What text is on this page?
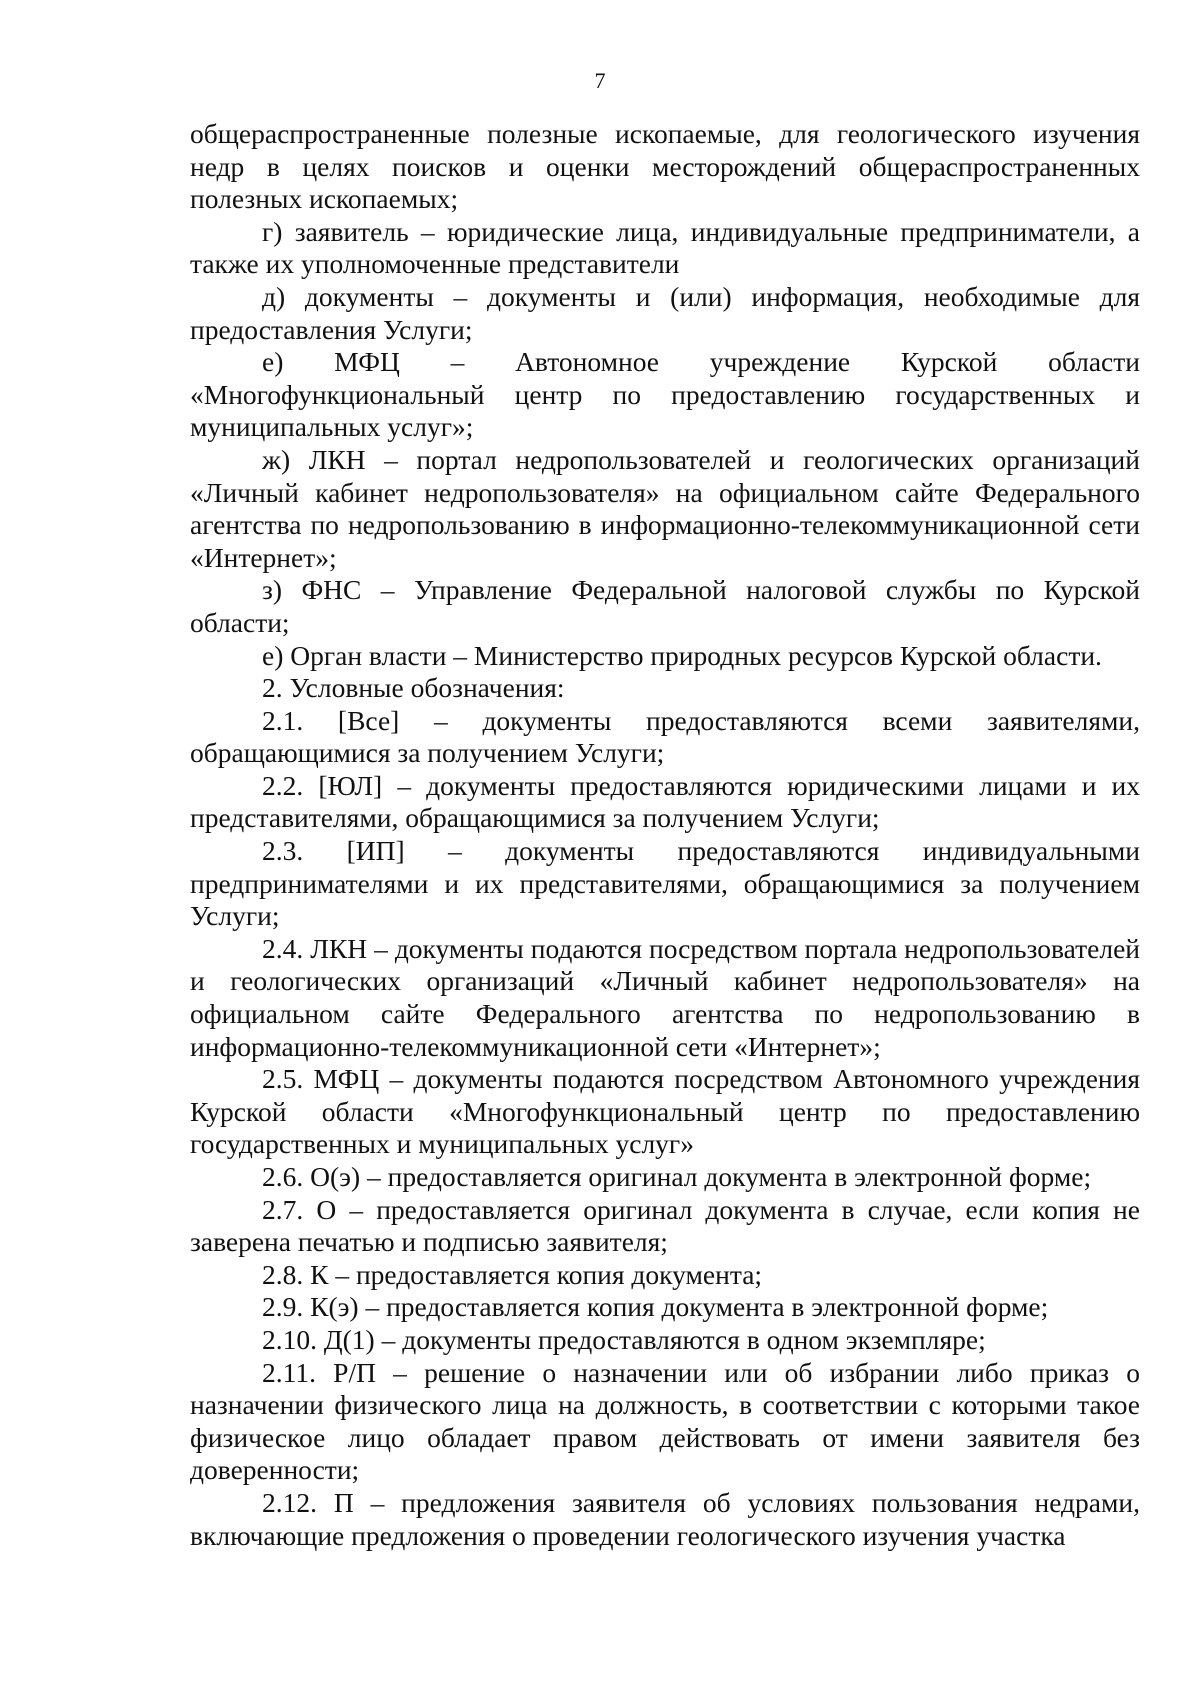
7

общераспространенные полезные ископаемые, для геологического изучения недр в целях поисков и оценки месторождений общераспространенных полезных ископаемых;

г) заявитель – юридические лица, индивидуальные предприниматели, а также их уполномоченные представители

д) документы – документы и (или) информация, необходимые для предоставления Услуги;

е) МФЦ – Автономное учреждение Курской области «Многофункциональный центр по предоставлению государственных и муниципальных услуг»;

ж) ЛКН – портал недропользователей и геологических организаций «Личный кабинет недропользователя» на официальном сайте Федерального агентства по недропользованию в информационно-телекоммуникационной сети «Интернет»;

з) ФНС – Управление Федеральной налоговой службы по Курской области;

е) Орган власти – Министерство природных ресурсов Курской области.

2. Условные обозначения:

2.1. [Все] – документы предоставляются всеми заявителями, обращающимися за получением Услуги;

2.2. [ЮЛ] – документы предоставляются юридическими лицами и их представителями, обращающимися за получением Услуги;

2.3. [ИП] – документы предоставляются индивидуальными предпринимателями и их представителями, обращающимися за получением Услуги;

2.4. ЛКН – документы подаются посредством портала недропользователей и геологических организаций «Личный кабинет недропользователя» на официальном сайте Федерального агентства по недропользованию в информационно-телекоммуникационной сети «Интернет»;

2.5. МФЦ – документы подаются посредством Автономного учреждения Курской области «Многофункциональный центр по предоставлению государственных и муниципальных услуг»

2.6. О(э) – предоставляется оригинал документа в электронной форме;

2.7. О – предоставляется оригинал документа в случае, если копия не заверена печатью и подписью заявителя;

2.8. К – предоставляется копия документа;

2.9. К(э) – предоставляется копия документа в электронной форме;

2.10. Д(1) – документы предоставляются в одном экземпляре;

2.11. Р/П – решение о назначении или об избрании либо приказ о назначении физического лица на должность, в соответствии с которыми такое физическое лицо обладает правом действовать от имени заявителя без доверенности;

2.12. П – предложения заявителя об условиях пользования недрами, включающие предложения о проведении геологического изучения участка
